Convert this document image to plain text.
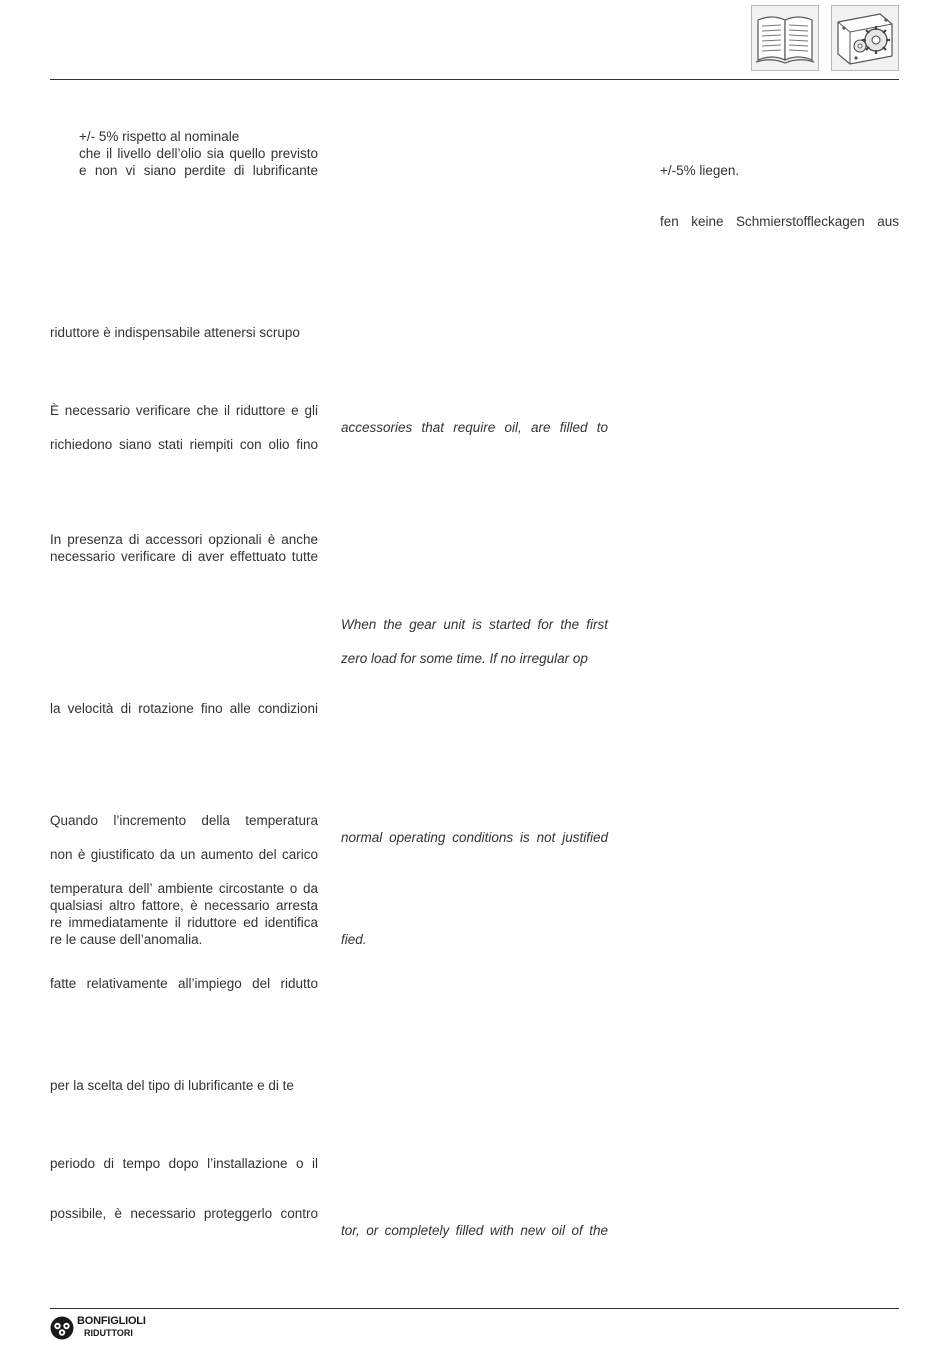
+/- 5% rispetto al nominale
che il livello dell’olio sia quello previsto
e non vi siano perdite di lubrificante
riduttore è indispensabile attenersi scrupo
È necessario verificare che il riduttore e gli
richiedono siano stati riempiti con olio fino
In presenza di accessori opzionali è anche
necessario verificare di aver effettuato tutte
la velocità di rotazione fino alle condizioni
Quando l’incremento della temperatura
non è giustificato da un aumento del carico
temperatura dell’ ambiente circostante o da
qualsiasi altro fattore, è necessario arresta
re immediatamente il riduttore ed identifica
re le cause dell’anomalia.
fatte relativamente all’impiego del ridutto
per la scelta del tipo di lubrificante e di te
periodo di tempo dopo l’installazione o il
possibile, è necessario proteggerlo contro
accessories that require oil, are filled to
When the gear unit is started for the first
zero load for some time. If no irregular op
normal operating conditions is not justified
fied.
tor, or completely filled with new oil of the
+/-5% liegen.
fen keine Schmierstoffleckagen aus
BONFIGLIOLI
RIDUTTORI
